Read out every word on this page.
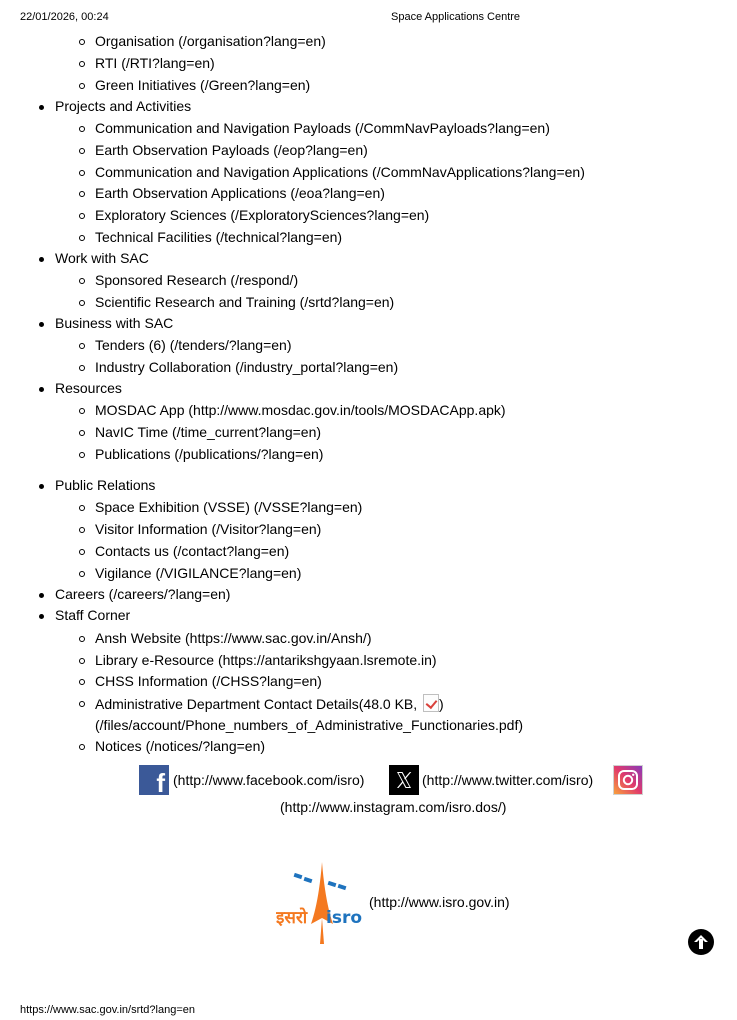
22/01/2026, 00:24	Space Applications Centre
Organisation (/organisation?lang=en)
RTI (/RTI?lang=en)
Green Initiatives (/Green?lang=en)
Projects and Activities
Communication and Navigation Payloads (/CommNavPayloads?lang=en)
Earth Observation Payloads (/eop?lang=en)
Communication and Navigation Applications (/CommNavApplications?lang=en)
Earth Observation Applications (/eoa?lang=en)
Exploratory Sciences (/ExploratorySciences?lang=en)
Technical Facilities (/technical?lang=en)
Work with SAC
Sponsored Research (/respond/)
Scientific Research and Training (/srtd?lang=en)
Business with SAC
Tenders (6) (/tenders/?lang=en)
Industry Collaboration (/industry_portal?lang=en)
Resources
MOSDAC App (http://www.mosdac.gov.in/tools/MOSDACApp.apk)
NavIC Time (/time_current?lang=en)
Publications (/publications/?lang=en)
Public Relations
Space Exhibition (VSSE) (/VSSE?lang=en)
Visitor Information (/Visitor?lang=en)
Contacts us (/contact?lang=en)
Vigilance (/VIGILANCE?lang=en)
Careers (/careers/?lang=en)
Staff Corner
Ansh Website (https://www.sac.gov.in/Ansh/)
Library e-Resource (https://antarikshgyaan.lsremote.in)
CHSS Information (/CHSS?lang=en)
Administrative Department Contact Details(48.0 KB, )
(/files/account/Phone_numbers_of_Administrative_Functionaries.pdf)
Notices (/notices/?lang=en)
f (http://www.facebook.com/isro)	(http://www.twitter.com/isro)
(http://www.instagram.com/isro.dos/)
इसरो isro
(http://www.isro.gov.in)
https://www.sac.gov.in/srtd?lang=en
